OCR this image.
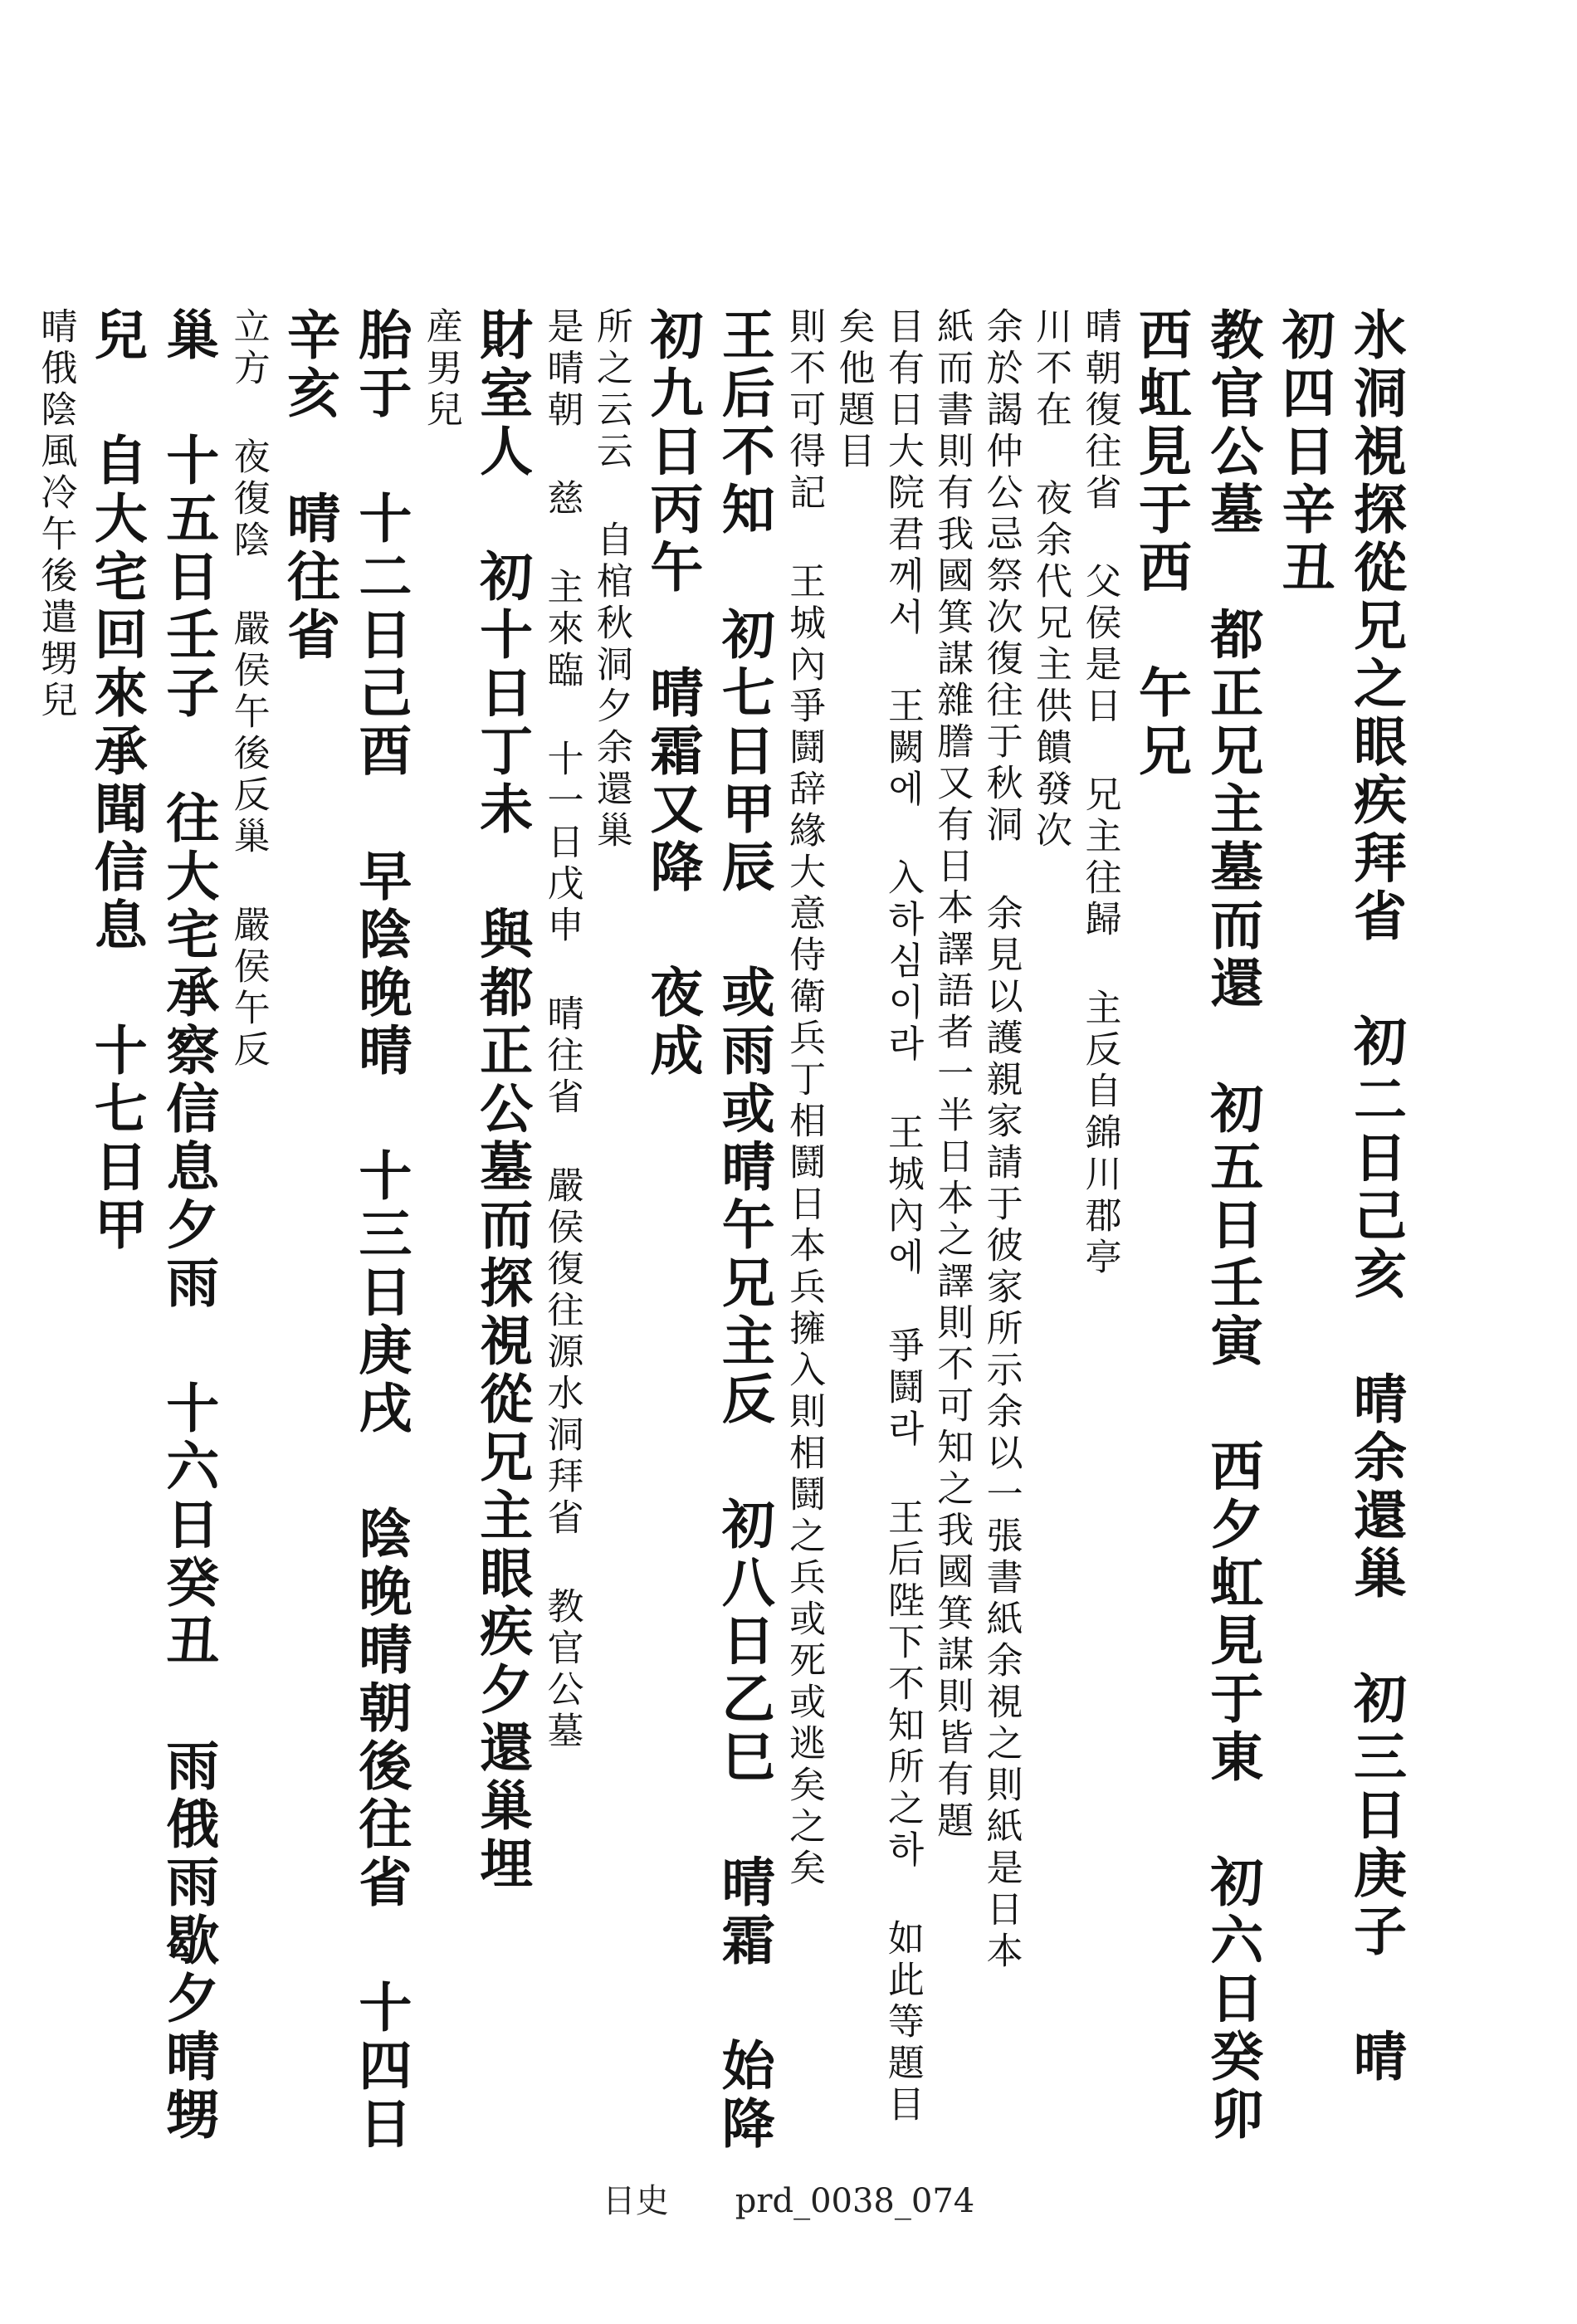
氷洞視探從兄之眼疾拜省 初二日己亥 晴余還巢 初三日庚子 晴 初四日辛丑
教官公墓 都正兄主墓而還 初五日壬寅 西夕虹見于東 初六日癸卯 西虹見于西 午兄
晴朝復往省 父侯是日 兄主往歸 主反自錦川郡亭
川不在 夜余代兄主供饋發次
余於謁仲公忌祭次復往于秋洞 余見以護親家請于彼家所示余以一張書紙余視之則紙是日本
紙而書則有我國箕謀雜謄又有日本譯語者一半日本之譯則不可知之我國箕謀則皆有題
目有日大院君께서 王闕에 入하심이라 王城內에 爭鬪라 王后陛下不知所之하 如此等題目矣他題目
則不可得記 王城內爭鬪辞緣大意侍衛兵丁相鬪日本兵擁入則相鬪之兵或死或逃矣之矣
王后不知 初七日甲辰 或雨或晴午兄主反 初八日乙巳 晴霜 始降 初九日丙午 晴霜又降 夜成
所之云云 自棺秋洞夕余還巢
是晴朝 慈 主來臨 十一日戊申 晴往省 嚴侯復往源水洞拜省 教官公墓
財室人 初十日丁未 與都正公墓而探視從兄主眼疾夕還巢埋
産男兒
胎于 十二日己酉 早陰晚晴 十三日庚戌 陰晚晴朝後往省 十四日辛亥 晴往省
立方 夜復陰 嚴侯午後反巢 嚴侯午反
巢 十五日壬子 往大宅承察信息夕雨 十六日癸丑 雨俄雨歇夕晴甥兒 自大宅回來承聞信息 十七日甲
晴俄陰風冷午後遣甥兒
日史 prd_0038_074
